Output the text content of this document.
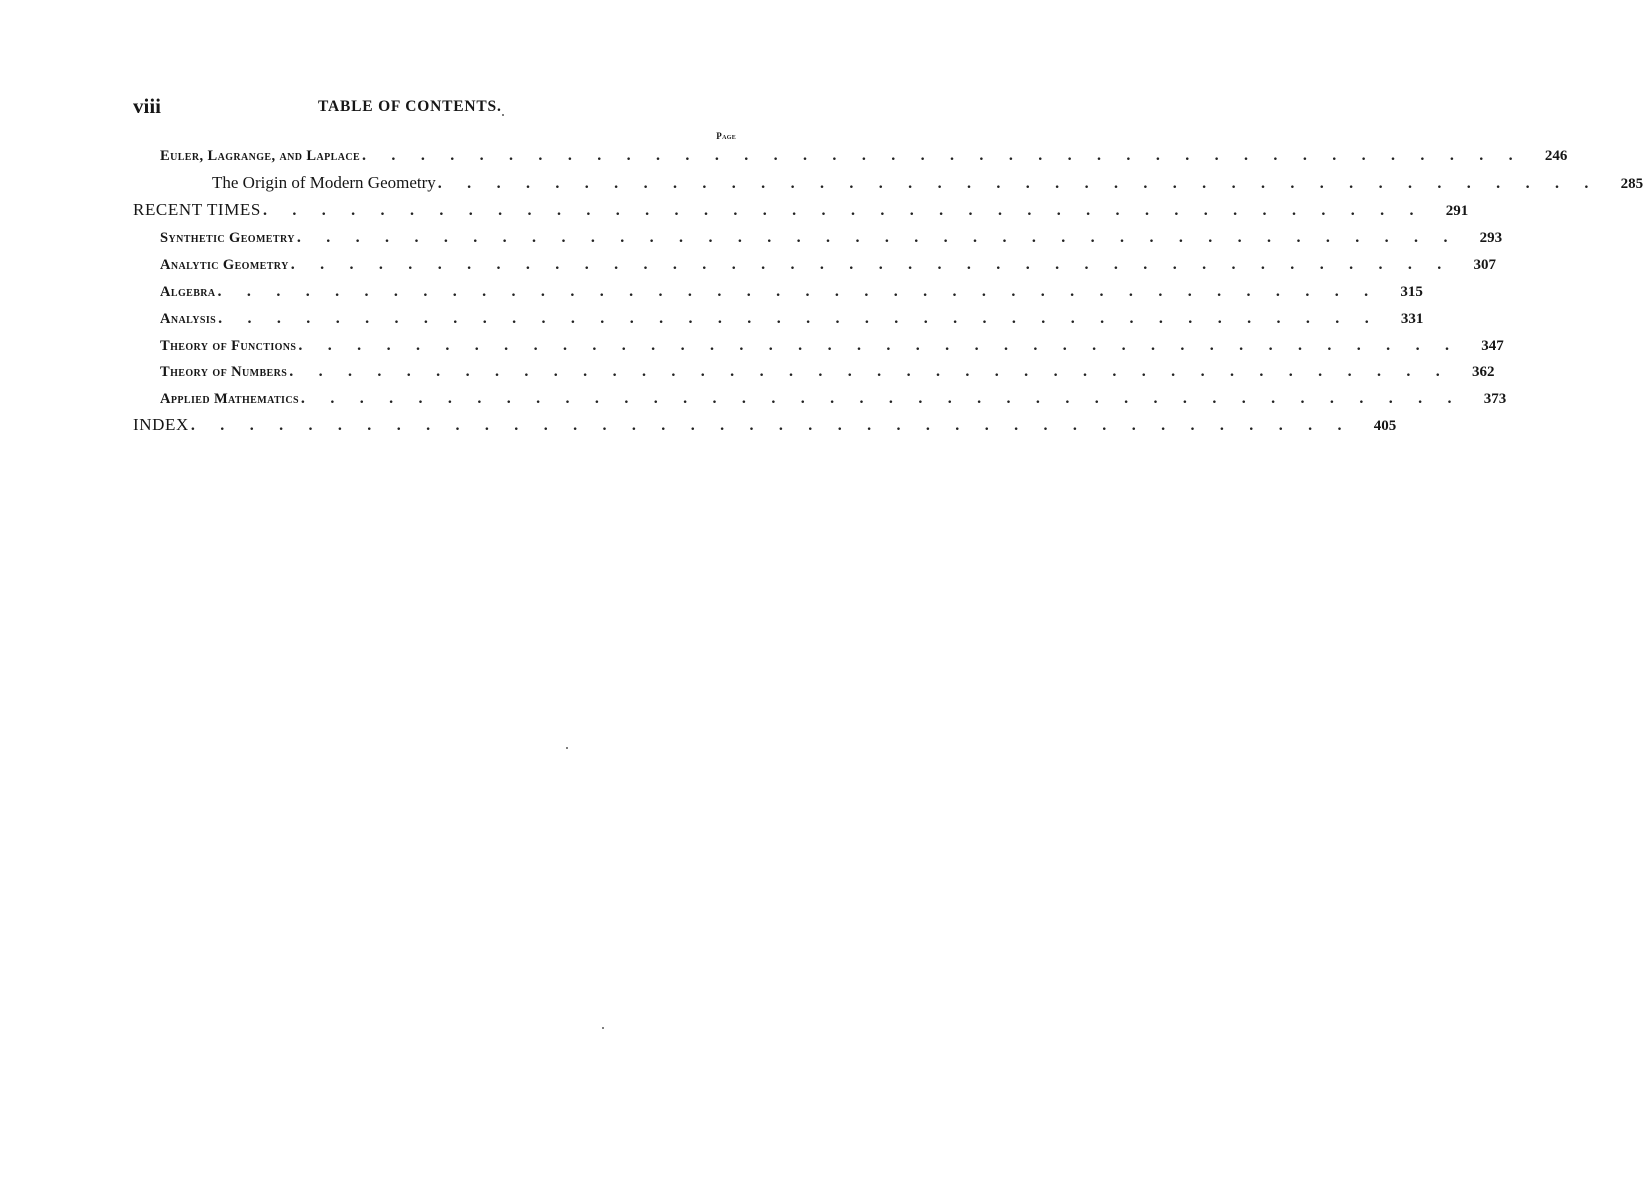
viii	TABLE OF CONTENTS.
Page
Euler, Lagrange, and Laplace . . . . . . . . . . . . . . . . . . . . . . . . . . . . . . . . . . . . . . . .	246
The Origin of Modern Geometry . . . . . . . . . . . . . . . . . . . . . . . . . . . . . . . . . . . . . . . .	285
RECENT TIMES . . . . . . . . . . . . . . . . . . . . . . . . . . . . . . . . . . . . . . . .	291
Synthetic Geometry . . . . . . . . . . . . . . . . . . . . . . . . . . . . . . . . . . . . . . . .	293
Analytic Geometry . . . . . . . . . . . . . . . . . . . . . . . . . . . . . . . . . . . . . . . .	307
Algebra . . . . . . . . . . . . . . . . . . . . . . . . . . . . . . . . . . . . . . . .	315
Analysis . . . . . . . . . . . . . . . . . . . . . . . . . . . . . . . . . . . . . . . .	331
Theory of Functions . . . . . . . . . . . . . . . . . . . . . . . . . . . . . . . . . . . . . . . .	347
Theory of Numbers . . . . . . . . . . . . . . . . . . . . . . . . . . . . . . . . . . . . . . . .	362
Applied Mathematics . . . . . . . . . . . . . . . . . . . . . . . . . . . . . . . . . . . . . . . .	373
INDEX . . . . . . . . . . . . . . . . . . . . . . . . . . . . . . . . . . . . . . . .	405
